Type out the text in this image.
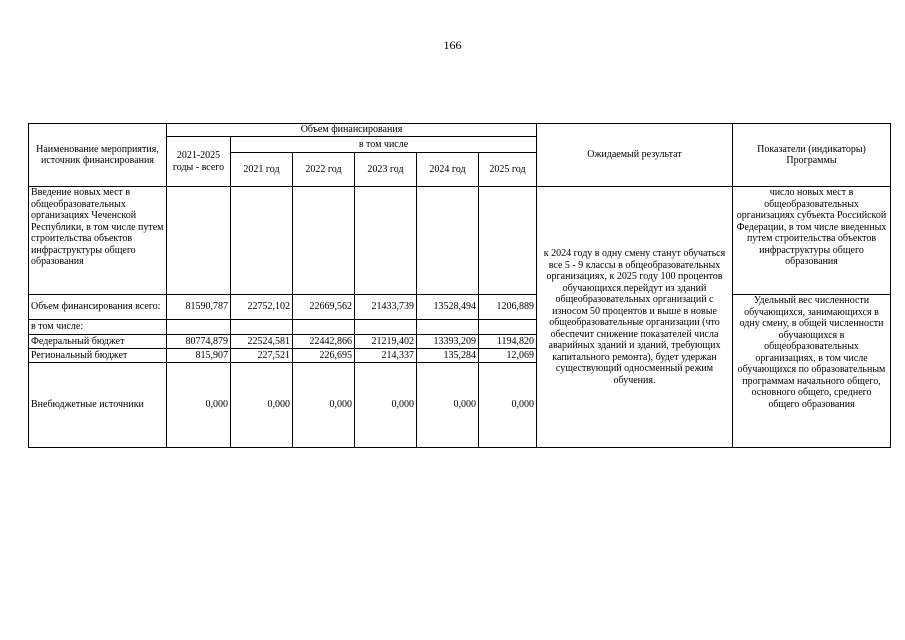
166
Наименование мероприятия, источник финансирования	Объем финансирования						Ожидаемый результат	Показатели (индикаторы) Программы
	2021-2025 годы - всего	в том числе						
		2021 год	2022 год	2023 год	2024 год	2025 год		
Введение новых мест в общеобразовательных организациях Чеченской Республики, в том числе путем строительства объектов инфраструктуры общего образования							к 2024 году в одну смену станут обучаться все 5 - 9 классы в общеобразовательных организациях, к 2025 году 100 процентов обучающихся перейдут из зданий общеобразовательных организаций с износом 50 процентов и выше в новые общеобразовательные организации (что обеспечит снижение показателей числа аварийных зданий и зданий, требующих капитального ремонта), будет удержан существующий односменный режим обучения.	число новых мест в общеобразовательных организациях субъекта Российской Федерации, в том числе введенных путем строительства объектов инфраструктуры общего образования
Объем финансирования всего:	81590,787	22752,102	22669,562	21433,739	13528,494	1206,889		Удельный вес численности обучающихся, занимающихся в одну смену, в общей численности обучающихся в общеобразовательных организациях, в том числе обучающихся по образовательным программам начального общего, основного общего, среднего общего образования
в том числе:								
Федеральный бюджет	80774,879	22524,581	22442,866	21219,402	13393,209	1194,820		
Региональный бюджет	815,907	227,521	226,695	214,337	135,284	12,069		
Внебюджетные источники	0,000	0,000	0,000	0,000	0,000	0,000		
